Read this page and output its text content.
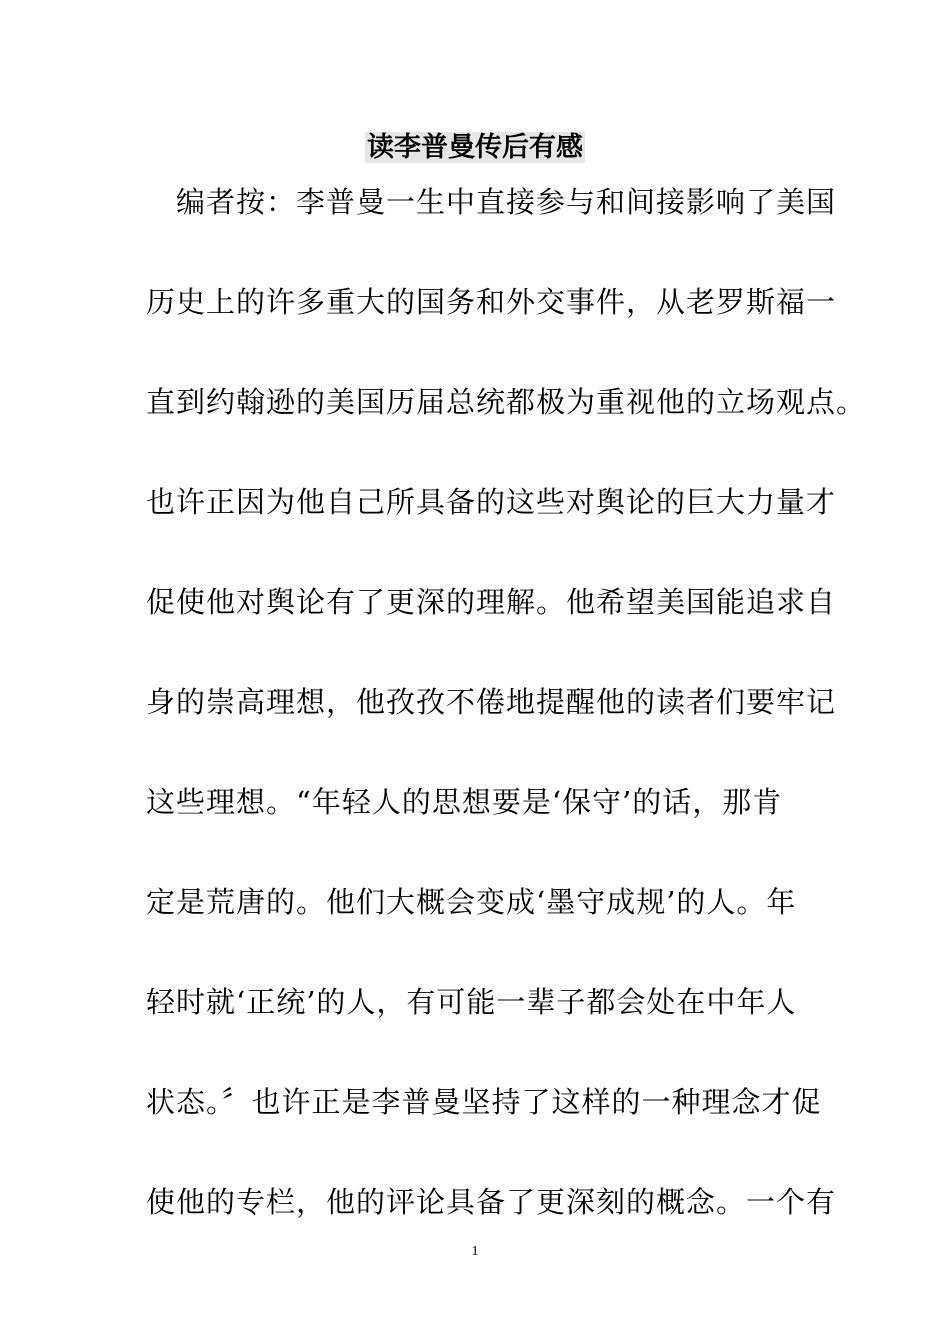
读李普曼传后有感
　编者按：李普曼一生中直接参与和间接影响了美国
历史上的许多重大的国务和外交事件，从老罗斯福一
直到约翰逊的美国历届总统都极为重视他的立场观点。
也许正因为他自己所具备的这些对舆论的巨大力量才
促使他对舆论有了更深的理解。他希望美国能追求自
身的崇高理想，他孜孜不倦地提醒他的读者们要牢记
这些理想。“年轻人的思想要是‘保守’的话，那肯
定是荒唐的。他们大概会变成‘墨守成规’的人。年
轻时就‘正统’的人，有可能一辈子都会处在中年人
状态。〞也许正是李普曼坚持了这样的一种理念才促
使他的专栏，他的评论具备了更深刻的概念。一个有
1
